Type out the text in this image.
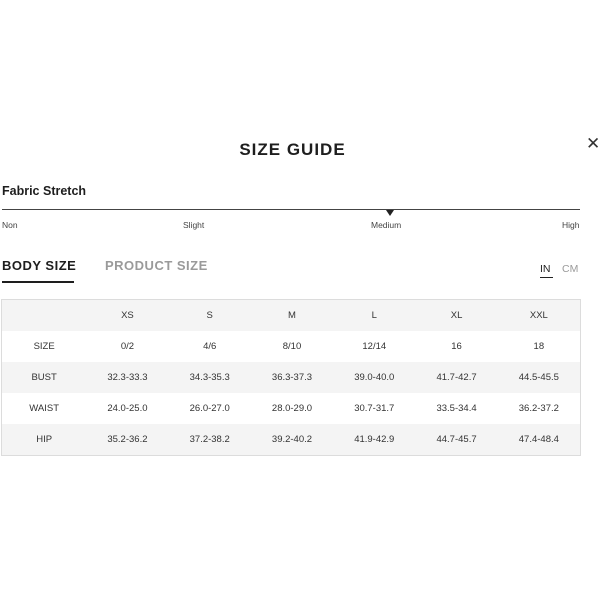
SIZE GUIDE	✕
Fabric Stretch
Non	Slight	Medium	High
BODY SIZE PRODUCT SIZE	IN CM
	XS	S	M	L	XL	XXL
SIZE	0/2	4/6	8/10	12/14	16	18
BUST	32.3-33.3	34.3-35.3	36.3-37.3	39.0-40.0	41.7-42.7	44.5-45.5
WAIST	24.0-25.0	26.0-27.0	28.0-29.0	30.7-31.7	33.5-34.4	36.2-37.2
HIP	35.2-36.2	37.2-38.2	39.2-40.2	41.9-42.9	44.7-45.7	47.4-48.4
